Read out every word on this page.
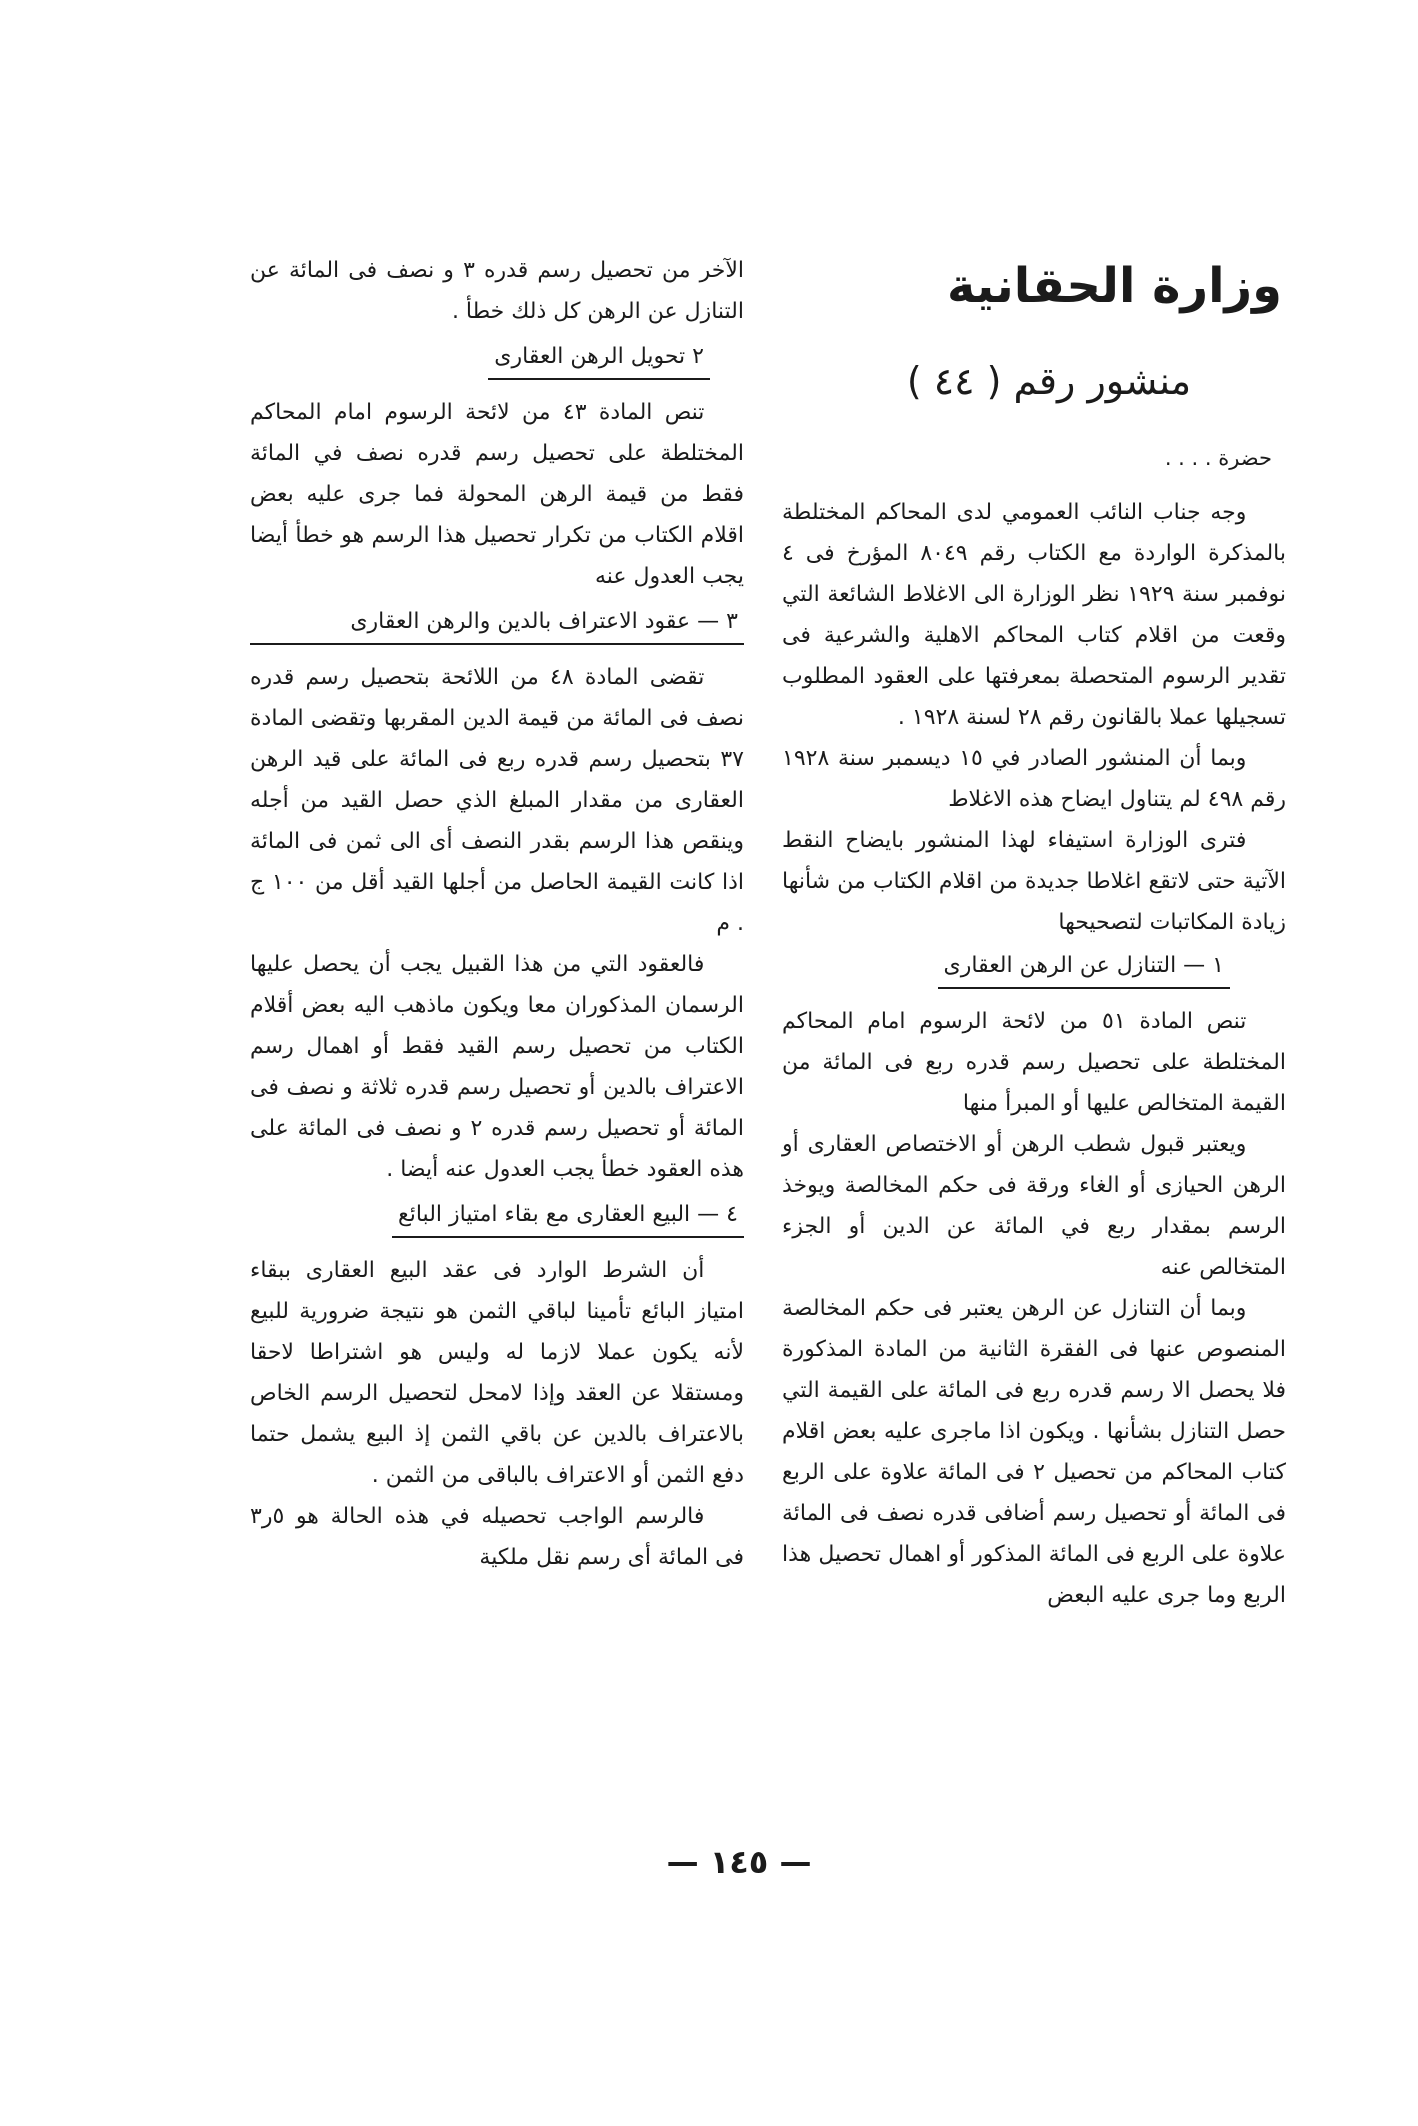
وزارة الحقانية
منشور رقم ( ٤٤ )
حضرة . . . .

وجه جناب النائب العمومي لدى المحاكم المختلطة بالمذكرة الواردة مع الكتاب رقم ٨٠٤٩ المؤرخ فى ٤ نوفمبر سنة ١٩٢٩ نظر الوزارة الى الاغلاط الشائعة التي وقعت من اقلام كتاب المحاكم الاهلية والشرعية فى تقدير الرسوم المتحصلة بمعرفتها على العقود المطلوب تسجيلها عملا بالقانون رقم ٢٨ لسنة ١٩٢٨ .

وبما أن المنشور الصادر في ١٥ ديسمبر سنة ١٩٢٨ رقم ٤٩٨ لم يتناول ايضاح هذه الاغلاط

فترى الوزارة استيفاء لهذا المنشور بايضاح النقط الآتية حتى لاتقع اغلاطا جديدة من اقلام الكتاب من شأنها زيادة المكاتبات لتصحيحها

١ — التنازل عن الرهن العقارى

تنص المادة ٥١ من لائحة الرسوم امام المحاكم المختلطة على تحصيل رسم قدره ربع فى المائة من القيمة المتخالص عليها أو المبرأ منها

ويعتبر قبول شطب الرهن أو الاختصاص العقارى أو الرهن الحيازى أو الغاء ورقة فى حكم المخالصة ويوخذ الرسم بمقدار ربع في المائة عن الدين أو الجزء المتخالص عنه

وبما أن التنازل عن الرهن يعتبر فى حكم المخالصة المنصوص عنها فى الفقرة الثانية من المادة المذكورة فلا يحصل الا رسم قدره ربع فى المائة على القيمة التي حصل التنازل بشأنها . ويكون اذا ماجرى عليه بعض اقلام كتاب المحاكم من تحصيل ٢ فى المائة علاوة على الربع فى المائة أو تحصيل رسم أضافى قدره نصف فى المائة علاوة على الربع فى المائة المذكور أو اهمال تحصيل هذا الربع وما جرى عليه البعض

الآخر من تحصيل رسم قدره ٣ و نصف فى المائة عن التنازل عن الرهن كل ذلك خطأ .

٢ تحويل الرهن العقارى

تنص المادة ٤٣ من لائحة الرسوم امام المحاكم المختلطة على تحصيل رسم قدره نصف في المائة فقط من قيمة الرهن المحولة فما جرى عليه بعض اقلام الكتاب من تكرار تحصيل هذا الرسم هو خطأ أيضا يجب العدول عنه

٣ — عقود الاعتراف بالدين والرهن العقارى

تقضى المادة ٤٨ من اللائحة بتحصيل رسم قدره نصف فى المائة من قيمة الدين المقربها وتقضى المادة ٣٧ بتحصيل رسم قدره ربع فى المائة على قيد الرهن العقارى من مقدار المبلغ الذي حصل القيد من أجله وينقص هذا الرسم بقدر النصف أى الى ثمن فى المائة اذا كانت القيمة الحاصل من أجلها القيد أقل من ١٠٠ ج . م

فالعقود التي من هذا القبيل يجب أن يحصل عليها الرسمان المذكوران معا ويكون ماذهب اليه بعض أقلام الكتاب من تحصيل رسم القيد فقط أو اهمال رسم الاعتراف بالدين أو تحصيل رسم قدره ثلاثة و نصف فى المائة أو تحصيل رسم قدره ٢ و نصف فى المائة على هذه العقود خطأ يجب العدول عنه أيضا .

٤ — البيع العقارى مع بقاء امتياز البائع

أن الشرط الوارد فى عقد البيع العقارى ببقاء امتياز البائع تأمينا لباقي الثمن هو نتيجة ضرورية للبيع لأنه يكون عملا لازما له وليس هو اشتراطا لاحقا ومستقلا عن العقد وإذا لامحل لتحصيل الرسم الخاص بالاعتراف بالدين عن باقي الثمن إذ البيع يشمل حتما دفع الثمن أو الاعتراف بالباقى من الثمن .

فالرسم الواجب تحصيله في هذه الحالة هو ٥ر٣ فى المائة أى رسم نقل ملكية

— ١٤٥ —
